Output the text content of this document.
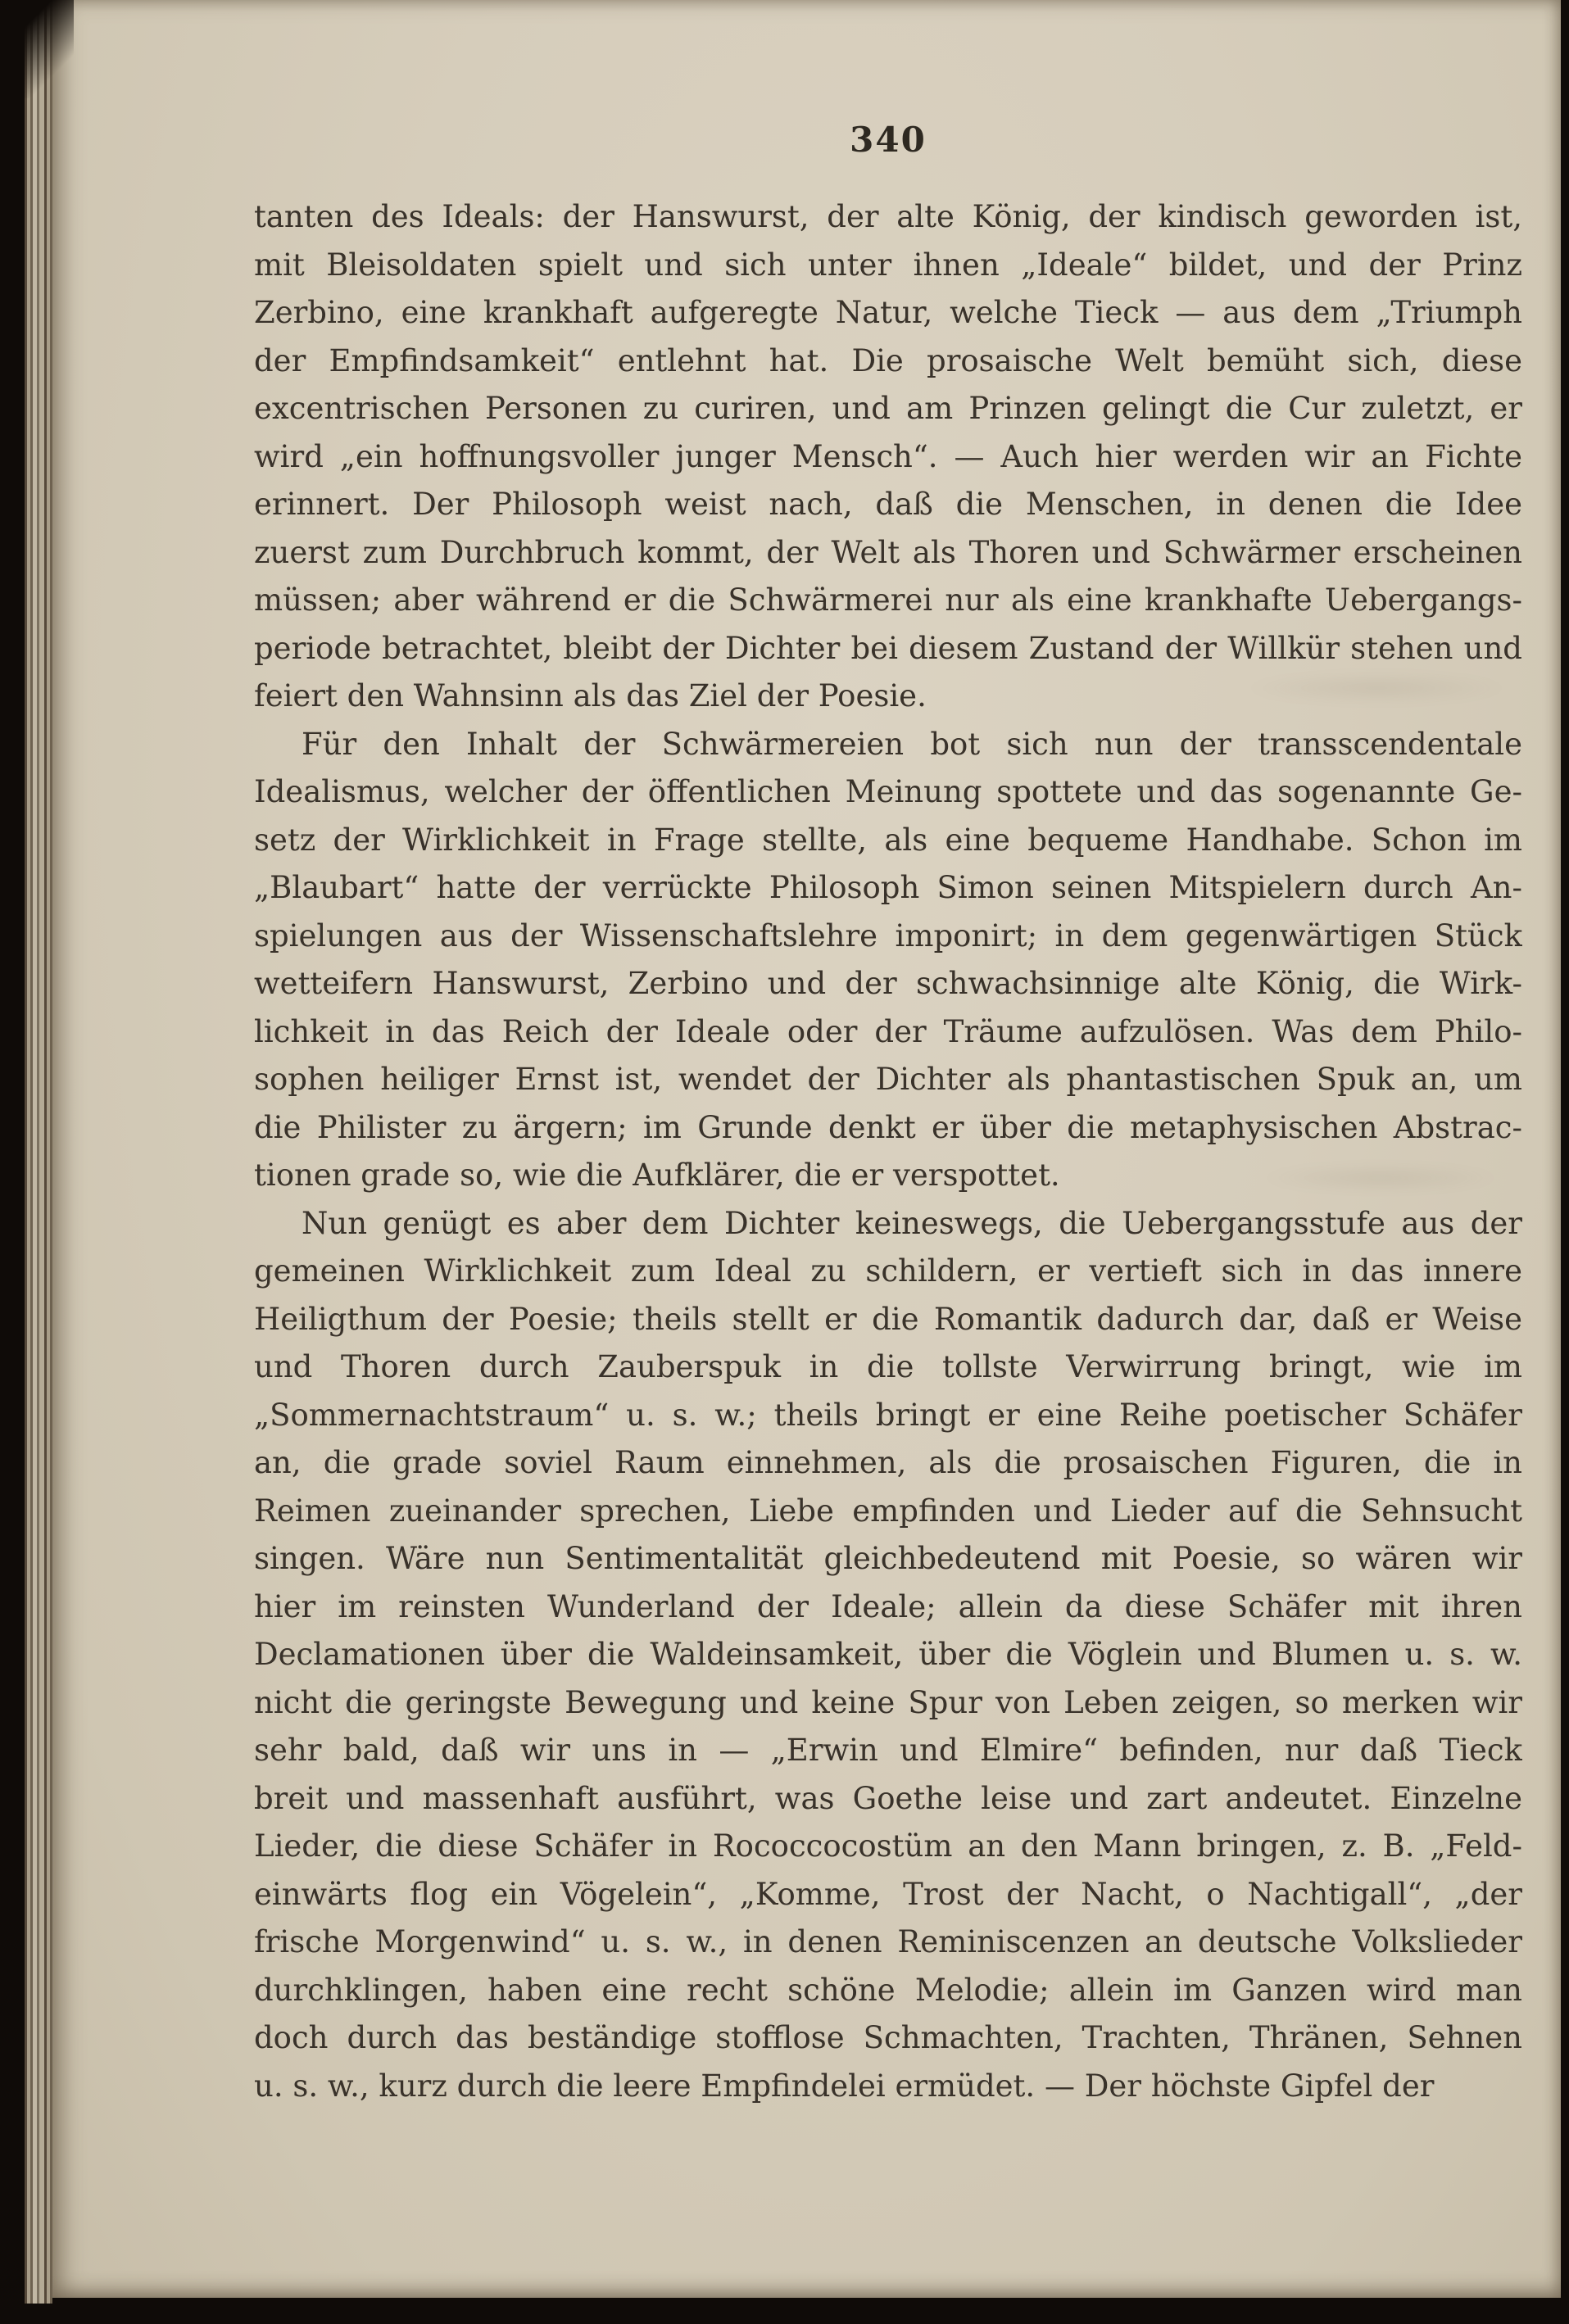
340
tanten des Ideals: der Hanswurst, der alte König, der kindisch geworden ist,
mit Bleisoldaten spielt und sich unter ihnen „Ideale“ bildet, und der Prinz
Zerbino, eine krankhaft aufgeregte Natur, welche Tieck — aus dem „Triumph
der Empfindsamkeit“ entlehnt hat. Die prosaische Welt bemüht sich, diese
excentrischen Personen zu curiren, und am Prinzen gelingt die Cur zuletzt, er
wird „ein hoffnungsvoller junger Mensch“. — Auch hier werden wir an Fichte
erinnert. Der Philosoph weist nach, daß die Menschen, in denen die Idee
zuerst zum Durchbruch kommt, der Welt als Thoren und Schwärmer erscheinen
müssen; aber während er die Schwärmerei nur als eine krankhafte Uebergangs-
periode betrachtet, bleibt der Dichter bei diesem Zustand der Willkür stehen und
feiert den Wahnsinn als das Ziel der Poesie.
Für den Inhalt der Schwärmereien bot sich nun der transscendentale
Idealismus, welcher der öffentlichen Meinung spottete und das sogenannte Ge-
setz der Wirklichkeit in Frage stellte, als eine bequeme Handhabe. Schon im
„Blaubart“ hatte der verrückte Philosoph Simon seinen Mitspielern durch An-
spielungen aus der Wissenschaftslehre imponirt; in dem gegenwärtigen Stück
wetteifern Hanswurst, Zerbino und der schwachsinnige alte König, die Wirk-
lichkeit in das Reich der Ideale oder der Träume aufzulösen. Was dem Philo-
sophen heiliger Ernst ist, wendet der Dichter als phantastischen Spuk an, um
die Philister zu ärgern; im Grunde denkt er über die metaphysischen Abstrac-
tionen grade so, wie die Aufklärer, die er verspottet.
Nun genügt es aber dem Dichter keineswegs, die Uebergangsstufe aus der
gemeinen Wirklichkeit zum Ideal zu schildern, er vertieft sich in das innere
Heiligthum der Poesie; theils stellt er die Romantik dadurch dar, daß er Weise
und Thoren durch Zauberspuk in die tollste Verwirrung bringt, wie im
„Sommernachtstraum“ u. s. w.; theils bringt er eine Reihe poetischer Schäfer
an, die grade soviel Raum einnehmen, als die prosaischen Figuren, die in
Reimen zueinander sprechen, Liebe empfinden und Lieder auf die Sehnsucht
singen. Wäre nun Sentimentalität gleichbedeutend mit Poesie, so wären wir
hier im reinsten Wunderland der Ideale; allein da diese Schäfer mit ihren
Declamationen über die Waldeinsamkeit, über die Vöglein und Blumen u. s. w.
nicht die geringste Bewegung und keine Spur von Leben zeigen, so merken wir
sehr bald, daß wir uns in — „Erwin und Elmire“ befinden, nur daß Tieck
breit und massenhaft ausführt, was Goethe leise und zart andeutet. Einzelne
Lieder, die diese Schäfer in Rococcocostüm an den Mann bringen, z. B. „Feld-
einwärts flog ein Vögelein“, „Komme, Trost der Nacht, o Nachtigall“, „der
frische Morgenwind“ u. s. w., in denen Reminiscenzen an deutsche Volkslieder
durchklingen, haben eine recht schöne Melodie; allein im Ganzen wird man
doch durch das beständige stofflose Schmachten, Trachten, Thränen, Sehnen
u. s. w., kurz durch die leere Empfindelei ermüdet. — Der höchste Gipfel der
